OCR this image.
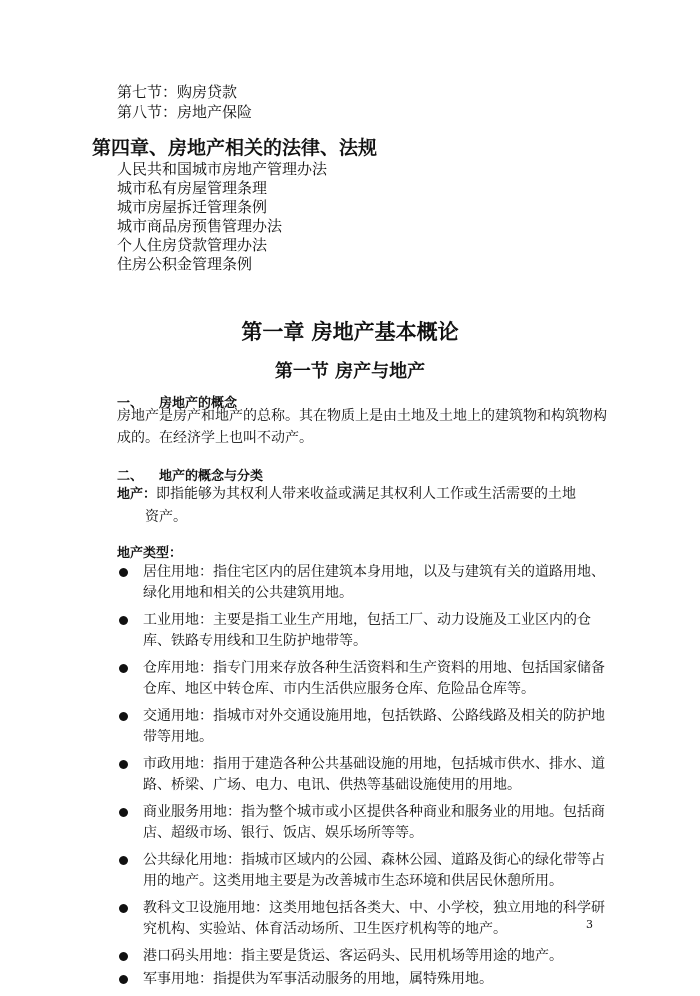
第七节：购房贷款
第八节：房地产保险
第四章、房地产相关的法律、法规
人民共和国城市房地产管理办法
城市私有房屋管理条理
城市房屋拆迁管理条例
城市商品房预售管理办法
个人住房贷款管理办法
住房公积金管理条例
第一章 房地产基本概论
第一节 房产与地产
一、 房地产的概念
房地产是房产和地产的总称。其在物质上是由土地及土地上的建筑物和构筑物构成的。在经济学上也叫不动产。
二、 地产的概念与分类
地产：即指能够为其权利人带来收益或满足其权利人工作或生活需要的土地
资产。
地产类型：
居住用地：指住宅区内的居住建筑本身用地，以及与建筑有关的道路用地、绿化用地和相关的公共建筑用地。
工业用地：主要是指工业生产用地，包括工厂、动力设施及工业区内的仓库、铁路专用线和卫生防护地带等。
仓库用地：指专门用来存放各种生活资料和生产资料的用地、包括国家储备仓库、地区中转仓库、市内生活供应服务仓库、危险品仓库等。
交通用地：指城市对外交通设施用地，包括铁路、公路线路及相关的防护地带等用地。
市政用地：指用于建造各种公共基础设施的用地，包括城市供水、排水、道路、桥梁、广场、电力、电讯、供热等基础设施使用的用地。
商业服务用地：指为整个城市或小区提供各种商业和服务业的用地。包括商店、超级市场、银行、饭店、娱乐场所等等。
公共绿化用地：指城市区域内的公园、森林公园、道路及街心的绿化带等占用的地产。这类用地主要是为改善城市生态环境和供居民休憩所用。
教科文卫设施用地：这类用地包括各类大、中、小学校，独立用地的科学研究机构、实验站、体育活动场所、卫生医疗机构等的地产。
港口码头用地：指主要是货运、客运码头、民用机场等用途的地产。
军事用地：指提供为军事活动服务的用地，属特殊用地。
3
